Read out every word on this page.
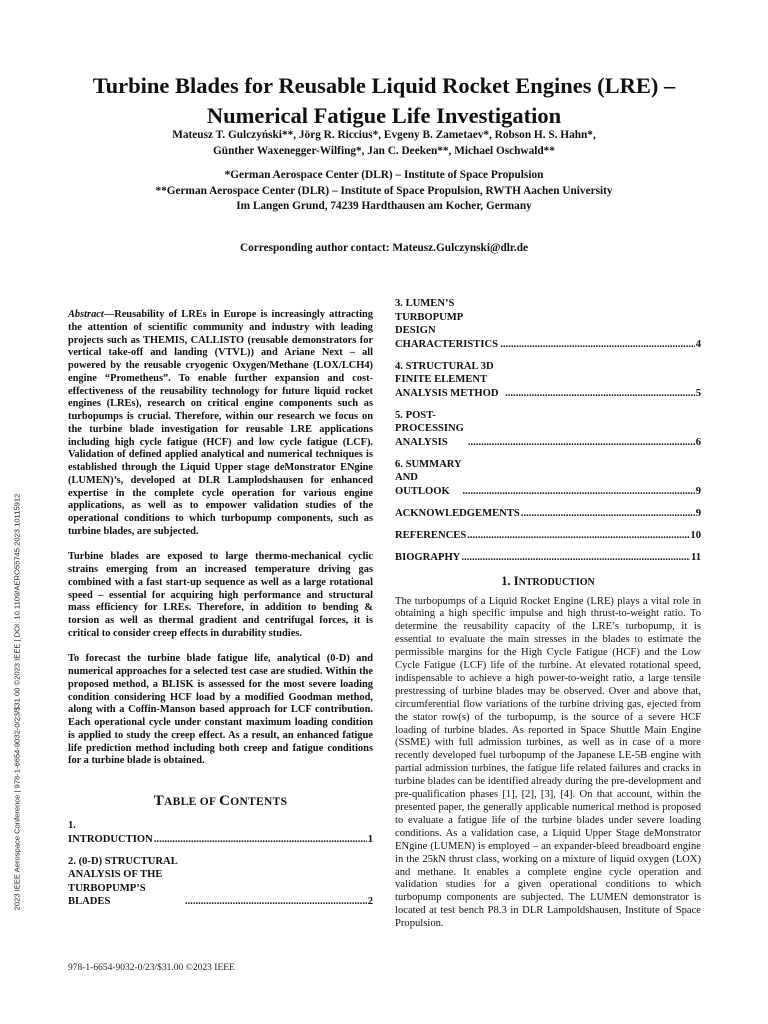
Turbine Blades for Reusable Liquid Rocket Engines (LRE) – Numerical Fatigue Life Investigation
Mateusz T. Gulczyński**, Jörg R. Riccius*, Evgeny B. Zametaev*, Robson H. S. Hahn*,
Günther Waxenegger-Wilfing*, Jan C. Deeken**, Michael Oschwald**
*German Aerospace Center (DLR) – Institute of Space Propulsion
**German Aerospace Center (DLR) – Institute of Space Propulsion, RWTH Aachen University
Im Langen Grund, 74239 Hardthausen am Kocher, Germany
Corresponding author contact: Mateusz.Gulczynski@dlr.de
2023 IEEE Aerospace Conference | 978-1-6654-9032-0/23/$31.00 ©2023 IEEE | DOI: 10.1109/AERO55745.2023.10115912

Abstract—Reusability of LREs in Europe is increasingly attracting the attention of scientific community and industry with leading projects such as THEMIS, CALLISTO (reusable demonstrators for vertical take-off and landing (VTVL)) and Ariane Next – all powered by the reusable cryogenic Oxygen/Methane (LOX/LCH4) engine “Prometheus”. To enable further expansion and cost-effectiveness of the reusability technology for future liquid rocket engines (LREs), research on critical engine components such as turbopumps is crucial. Therefore, within our research we focus on the turbine blade investigation for reusable LRE applications including high cycle fatigue (HCF) and low cycle fatigue (LCF). Validation of defined applied analytical and numerical techniques is established through the Liquid Upper stage deMonstrator ENgine (LUMEN)’s, developed at DLR Lamplodshausen for enhanced expertise in the complete cycle operation for various engine applications, as well as to empower validation studies of the operational conditions to which turbopump components, such as turbine blades, are subjected.

Turbine blades are exposed to large thermo-mechanical cyclic strains emerging from an increased temperature driving gas combined with a fast start-up sequence as well as a large rotational speed – essential for acquiring high performance and structural mass efficiency for LREs. Therefore, in addition to bending & torsion as well as thermal gradient and centrifugal forces, it is critical to consider creep effects in durability studies.

To forecast the turbine blade fatigue life, analytical (0-D) and numerical approaches for a selected test case are studied. Within the proposed method, a BLISK is assessed for the most severe loading condition considering HCF load by a modified Goodman method, along with a Coffin-Manson based approach for LCF contribution. Each operational cycle under constant maximum loading condition is applied to study the creep effect. As a result, an enhanced fatigue life prediction method including both creep and fatigue conditions for a turbine blade is obtained.

TABLE OF CONTENTS
1. INTRODUCTION .....	1
2. (0-D) STRUCTURAL ANALYSIS OF THE TURBOPUMP’S BLADES .....	2
3. LUMEN’S TURBOPUMP DESIGN CHARACTERISTICS .....	4
4. STRUCTURAL 3D FINITE ELEMENT ANALYSIS METHOD .....	5
5. POST-PROCESSING ANALYSIS .....	6
6. SUMMARY AND OUTLOOK .....	9
ACKNOWLEDGEMENTS .....	9
REFERENCES .....	10
BIOGRAPHY .....	11
1. INTRODUCTION

The turbopumps of a Liquid Rocket Engine (LRE) plays a vital role in obtaining a high specific impulse and high thrust-to-weight ratio. To determine the reusability capacity of the LRE’s turbopump, it is essential to evaluate the main stresses in the blades to estimate the permissible margins for the High Cycle Fatigue (HCF) and the Low Cycle Fatigue (LCF) life of the turbine. At elevated rotational speed, indispensable to achieve a high power-to-weight ratio, a large tensile prestressing of turbine blades may be observed. Over and above that, circumferential flow variations of the turbine driving gas, ejected from the stator row(s) of the turbopump, is the source of a severe HCF loading of turbine blades. As reported in Space Shuttle Main Engine (SSME) with full admission turbines, as well as in case of a more recently developed fuel turbopump of the Japanese LE-5B engine with partial admission turbines, the fatigue life related failures and cracks in turbine blades can be identified already during the pre-development and pre-qualification phases [1], [2], [3], [4]. On that account, within the presented paper, the generally applicable numerical method is proposed to evaluate a fatigue life of the turbine blades under severe loading conditions. As a validation case, a Liquid Upper Stage deMonstrator ENgine (LUMEN) is employed – an expander-bleed breadboard engine in the 25kN thrust class, working on a mixture of liquid oxygen (LOX) and methane. It enables a complete engine cycle operation and validation studies for a given operational conditions to which turbopump components are subjected. The LUMEN demonstrator is located at test bench P8.3 in DLR Lampoldshausen, Institute of Space Propulsion.

978-1-6654-9032-0/23/$31.00 ©2023 IEEE
